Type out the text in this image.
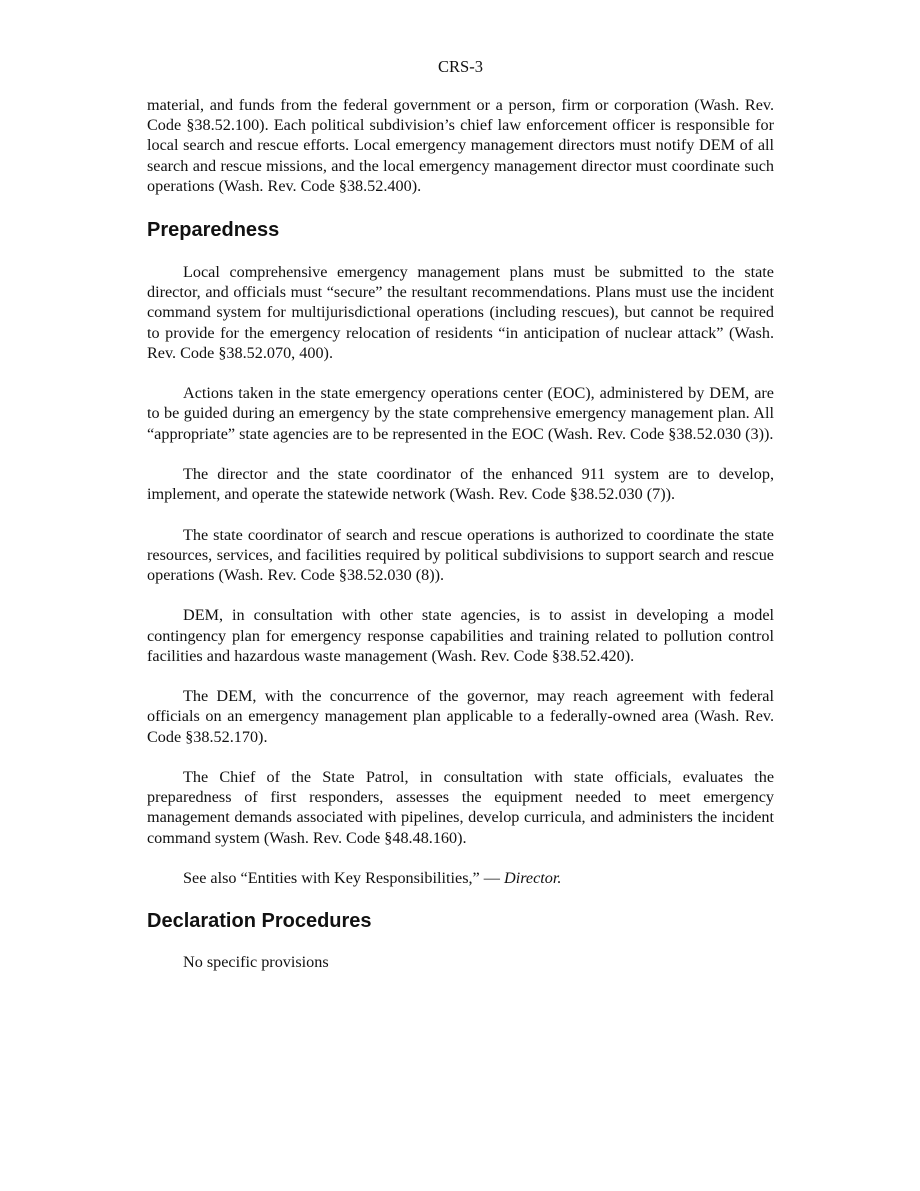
CRS-3

material, and funds from the federal government or a person, firm or corporation (Wash. Rev. Code §38.52.100). Each political subdivision’s chief law enforcement officer is responsible for local search and rescue efforts. Local emergency management directors must notify DEM of all search and rescue missions, and the local emergency management director must coordinate such operations (Wash. Rev. Code §38.52.400).

Preparedness

Local comprehensive emergency management plans must be submitted to the state director, and officials must “secure” the resultant recommendations. Plans must use the incident command system for multijurisdictional operations (including rescues), but cannot be required to provide for the emergency relocation of residents “in anticipation of nuclear attack” (Wash. Rev. Code §38.52.070, 400).

Actions taken in the state emergency operations center (EOC), administered by DEM, are to be guided during an emergency by the state comprehensive emergency management plan. All “appropriate” state agencies are to be represented in the EOC (Wash. Rev. Code §38.52.030 (3)).

The director and the state coordinator of the enhanced 911 system are to develop, implement, and operate the statewide network (Wash. Rev. Code §38.52.030 (7)).

The state coordinator of search and rescue operations is authorized to coordinate the state resources, services, and facilities required by political subdivisions to support search and rescue operations (Wash. Rev. Code §38.52.030 (8)).

DEM, in consultation with other state agencies, is to assist in developing a model contingency plan for emergency response capabilities and training related to pollution control facilities and hazardous waste management (Wash. Rev. Code §38.52.420).

The DEM, with the concurrence of the governor, may reach agreement with federal officials on an emergency management plan applicable to a federally-owned area (Wash. Rev. Code §38.52.170).

The Chief of the State Patrol, in consultation with state officials, evaluates the preparedness of first responders, assesses the equipment needed to meet emergency management demands associated with pipelines, develop curricula, and administers the incident command system (Wash. Rev. Code §48.48.160).

See also “Entities with Key Responsibilities,” — Director.

Declaration Procedures

No specific provisions
